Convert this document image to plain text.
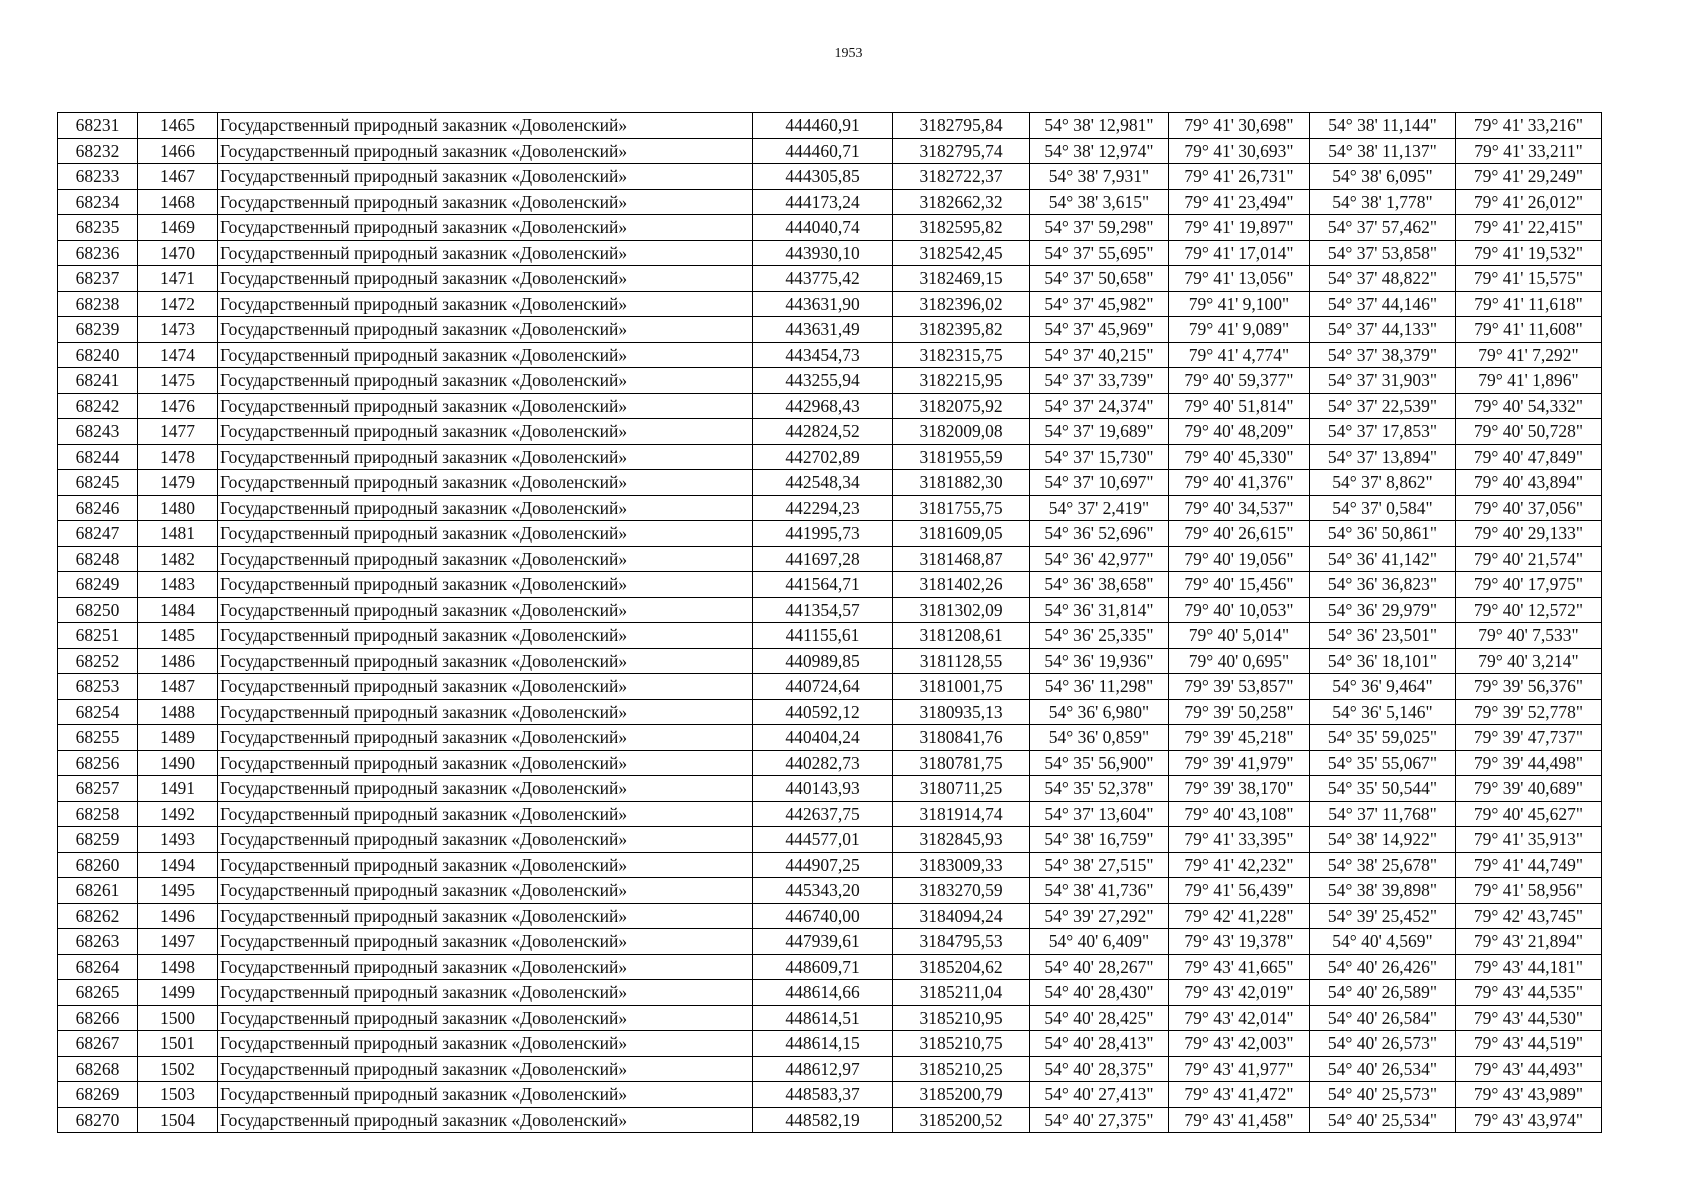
1953
68231	1465	Государственный природный заказник «Доволенский»	444460,91	3182795,84	54° 38' 12,981"	79° 41' 30,698"	54° 38' 11,144"	79° 41' 33,216"
68232	1466	Государственный природный заказник «Доволенский»	444460,71	3182795,74	54° 38' 12,974"	79° 41' 30,693"	54° 38' 11,137"	79° 41' 33,211"
68233	1467	Государственный природный заказник «Доволенский»	444305,85	3182722,37	54° 38' 7,931"	79° 41' 26,731"	54° 38' 6,095"	79° 41' 29,249"
68234	1468	Государственный природный заказник «Доволенский»	444173,24	3182662,32	54° 38' 3,615"	79° 41' 23,494"	54° 38' 1,778"	79° 41' 26,012"
68235	1469	Государственный природный заказник «Доволенский»	444040,74	3182595,82	54° 37' 59,298"	79° 41' 19,897"	54° 37' 57,462"	79° 41' 22,415"
68236	1470	Государственный природный заказник «Доволенский»	443930,10	3182542,45	54° 37' 55,695"	79° 41' 17,014"	54° 37' 53,858"	79° 41' 19,532"
68237	1471	Государственный природный заказник «Доволенский»	443775,42	3182469,15	54° 37' 50,658"	79° 41' 13,056"	54° 37' 48,822"	79° 41' 15,575"
68238	1472	Государственный природный заказник «Доволенский»	443631,90	3182396,02	54° 37' 45,982"	79° 41' 9,100"	54° 37' 44,146"	79° 41' 11,618"
68239	1473	Государственный природный заказник «Доволенский»	443631,49	3182395,82	54° 37' 45,969"	79° 41' 9,089"	54° 37' 44,133"	79° 41' 11,608"
68240	1474	Государственный природный заказник «Доволенский»	443454,73	3182315,75	54° 37' 40,215"	79° 41' 4,774"	54° 37' 38,379"	79° 41' 7,292"
68241	1475	Государственный природный заказник «Доволенский»	443255,94	3182215,95	54° 37' 33,739"	79° 40' 59,377"	54° 37' 31,903"	79° 41' 1,896"
68242	1476	Государственный природный заказник «Доволенский»	442968,43	3182075,92	54° 37' 24,374"	79° 40' 51,814"	54° 37' 22,539"	79° 40' 54,332"
68243	1477	Государственный природный заказник «Доволенский»	442824,52	3182009,08	54° 37' 19,689"	79° 40' 48,209"	54° 37' 17,853"	79° 40' 50,728"
68244	1478	Государственный природный заказник «Доволенский»	442702,89	3181955,59	54° 37' 15,730"	79° 40' 45,330"	54° 37' 13,894"	79° 40' 47,849"
68245	1479	Государственный природный заказник «Доволенский»	442548,34	3181882,30	54° 37' 10,697"	79° 40' 41,376"	54° 37' 8,862"	79° 40' 43,894"
68246	1480	Государственный природный заказник «Доволенский»	442294,23	3181755,75	54° 37' 2,419"	79° 40' 34,537"	54° 37' 0,584"	79° 40' 37,056"
68247	1481	Государственный природный заказник «Доволенский»	441995,73	3181609,05	54° 36' 52,696"	79° 40' 26,615"	54° 36' 50,861"	79° 40' 29,133"
68248	1482	Государственный природный заказник «Доволенский»	441697,28	3181468,87	54° 36' 42,977"	79° 40' 19,056"	54° 36' 41,142"	79° 40' 21,574"
68249	1483	Государственный природный заказник «Доволенский»	441564,71	3181402,26	54° 36' 38,658"	79° 40' 15,456"	54° 36' 36,823"	79° 40' 17,975"
68250	1484	Государственный природный заказник «Доволенский»	441354,57	3181302,09	54° 36' 31,814"	79° 40' 10,053"	54° 36' 29,979"	79° 40' 12,572"
68251	1485	Государственный природный заказник «Доволенский»	441155,61	3181208,61	54° 36' 25,335"	79° 40' 5,014"	54° 36' 23,501"	79° 40' 7,533"
68252	1486	Государственный природный заказник «Доволенский»	440989,85	3181128,55	54° 36' 19,936"	79° 40' 0,695"	54° 36' 18,101"	79° 40' 3,214"
68253	1487	Государственный природный заказник «Доволенский»	440724,64	3181001,75	54° 36' 11,298"	79° 39' 53,857"	54° 36' 9,464"	79° 39' 56,376"
68254	1488	Государственный природный заказник «Доволенский»	440592,12	3180935,13	54° 36' 6,980"	79° 39' 50,258"	54° 36' 5,146"	79° 39' 52,778"
68255	1489	Государственный природный заказник «Доволенский»	440404,24	3180841,76	54° 36' 0,859"	79° 39' 45,218"	54° 35' 59,025"	79° 39' 47,737"
68256	1490	Государственный природный заказник «Доволенский»	440282,73	3180781,75	54° 35' 56,900"	79° 39' 41,979"	54° 35' 55,067"	79° 39' 44,498"
68257	1491	Государственный природный заказник «Доволенский»	440143,93	3180711,25	54° 35' 52,378"	79° 39' 38,170"	54° 35' 50,544"	79° 39' 40,689"
68258	1492	Государственный природный заказник «Доволенский»	442637,75	3181914,74	54° 37' 13,604"	79° 40' 43,108"	54° 37' 11,768"	79° 40' 45,627"
68259	1493	Государственный природный заказник «Доволенский»	444577,01	3182845,93	54° 38' 16,759"	79° 41' 33,395"	54° 38' 14,922"	79° 41' 35,913"
68260	1494	Государственный природный заказник «Доволенский»	444907,25	3183009,33	54° 38' 27,515"	79° 41' 42,232"	54° 38' 25,678"	79° 41' 44,749"
68261	1495	Государственный природный заказник «Доволенский»	445343,20	3183270,59	54° 38' 41,736"	79° 41' 56,439"	54° 38' 39,898"	79° 41' 58,956"
68262	1496	Государственный природный заказник «Доволенский»	446740,00	3184094,24	54° 39' 27,292"	79° 42' 41,228"	54° 39' 25,452"	79° 42' 43,745"
68263	1497	Государственный природный заказник «Доволенский»	447939,61	3184795,53	54° 40' 6,409"	79° 43' 19,378"	54° 40' 4,569"	79° 43' 21,894"
68264	1498	Государственный природный заказник «Доволенский»	448609,71	3185204,62	54° 40' 28,267"	79° 43' 41,665"	54° 40' 26,426"	79° 43' 44,181"
68265	1499	Государственный природный заказник «Доволенский»	448614,66	3185211,04	54° 40' 28,430"	79° 43' 42,019"	54° 40' 26,589"	79° 43' 44,535"
68266	1500	Государственный природный заказник «Доволенский»	448614,51	3185210,95	54° 40' 28,425"	79° 43' 42,014"	54° 40' 26,584"	79° 43' 44,530"
68267	1501	Государственный природный заказник «Доволенский»	448614,15	3185210,75	54° 40' 28,413"	79° 43' 42,003"	54° 40' 26,573"	79° 43' 44,519"
68268	1502	Государственный природный заказник «Доволенский»	448612,97	3185210,25	54° 40' 28,375"	79° 43' 41,977"	54° 40' 26,534"	79° 43' 44,493"
68269	1503	Государственный природный заказник «Доволенский»	448583,37	3185200,79	54° 40' 27,413"	79° 43' 41,472"	54° 40' 25,573"	79° 43' 43,989"
68270	1504	Государственный природный заказник «Доволенский»	448582,19	3185200,52	54° 40' 27,375"	79° 43' 41,458"	54° 40' 25,534"	79° 43' 43,974"
